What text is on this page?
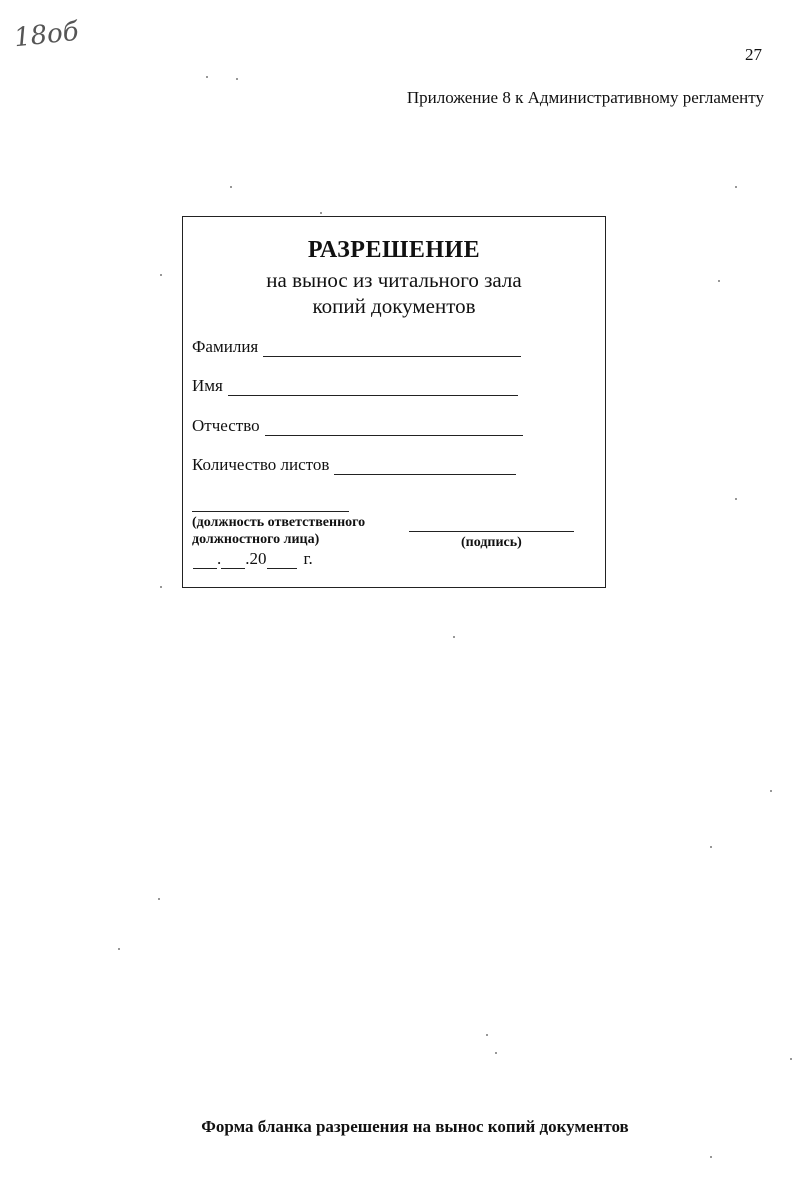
18об
27
Приложение 8 к Административному регламенту
РАЗРЕШЕНИЕ
на вынос из читального зала
копий документов
Фамилия
Имя
Отчество
Количество листов
(должность ответственного
должностного лица)	(подпись)
. .20 г.
Форма бланка разрешения на вынос копий документов
